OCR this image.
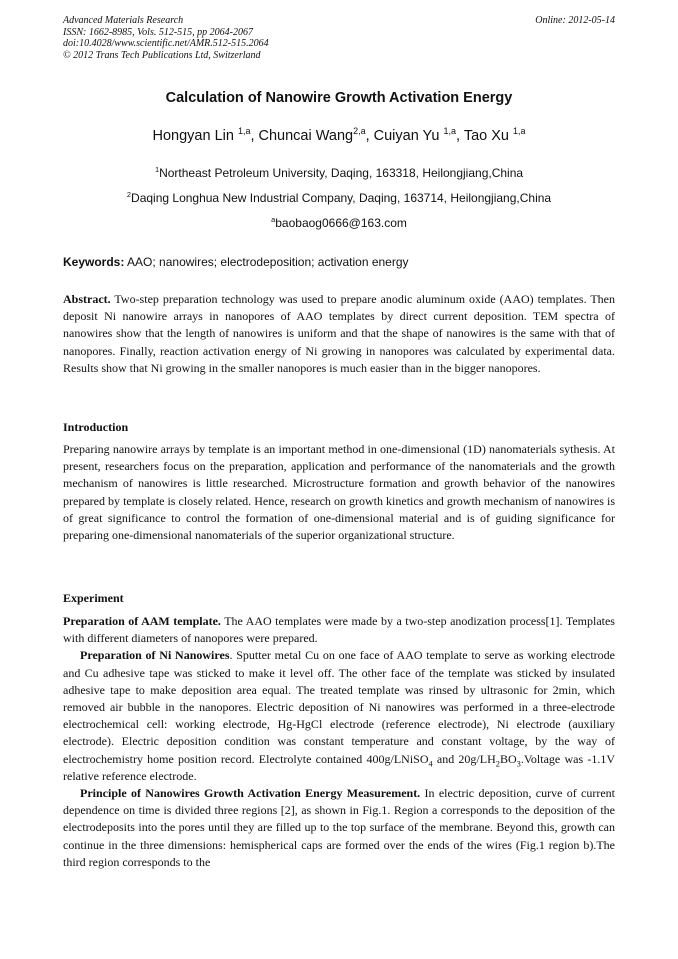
Advanced Materials Research
ISSN: 1662-8985, Vols. 512-515, pp 2064-2067
doi:10.4028/www.scientific.net/AMR.512-515.2064
© 2012 Trans Tech Publications Ltd, Switzerland
Online: 2012-05-14
Calculation of Nanowire Growth Activation Energy
Hongyan Lin $^{1,a}$, Chuncai Wang$^{2,a}$, Cuiyan Yu $^{1,a}$, Tao Xu $^{1,a}$
$^1$Northeast Petroleum University, Daqing, 163318, Heilongjiang,China
$^2$Daqing Longhua New Industrial Company, Daqing, 163714, Heilongjiang,China
$^a$baobaog0666@163.com
Keywords: AAO; nanowires; electrodeposition; activation energy
Abstract. Two-step preparation technology was used to prepare anodic aluminum oxide (AAO) templates. Then deposit Ni nanowire arrays in nanopores of AAO templates by direct current deposition. TEM spectra of nanowires show that the length of nanowires is uniform and that the shape of nanowires is the same with that of nanopores. Finally, reaction activation energy of Ni growing in nanopores was calculated by experimental data. Results show that Ni growing in the smaller nanopores is much easier than in the bigger nanopores.
Introduction
Preparing nanowire arrays by template is an important method in one-dimensional (1D) nanomaterials sythesis. At present, researchers focus on the preparation, application and performance of the nanomaterials and the growth mechanism of nanowires is little researched. Microstructure formation and growth behavior of the nanowires prepared by template is closely related. Hence, research on growth kinetics and growth mechanism of nanowires is of great significance to control the formation of one-dimensional material and is of guiding significance for preparing one-dimensional nanomaterials of the superior organizational structure.
Experiment

Preparation of AAM template. The AAO templates were made by a two-step anodization process[1]. Templates with different diameters of nanopores were prepared.

Preparation of Ni Nanowires. Sputter metal Cu on one face of AAO template to serve as working electrode and Cu adhesive tape was sticked to make it level off. The other face of the template was sticked by insulated adhesive tape to make deposition area equal. The treated template was rinsed by ultrasonic for 2min, which removed air bubble in the nanopores. Electric deposition of Ni nanowires was performed in a three-electrode electrochemical cell: working electrode, Hg-HgCl electrode (reference electrode), Ni electrode (auxiliary electrode). Electric deposition condition was constant temperature and constant voltage, by the way of electrochemistry home position record. Electrolyte contained 400g/LNiSO$_4$ and $20g/LH_2BO_3.Voltage$ was -1.1V relative reference electrode.

Principle of Nanowires Growth Activation Energy Measurement. In electric deposition, curve of current dependence on time is divided three regions [2], as shown in Fig.1. Region a corresponds to the deposition of the electrodeposits into the pores until they are filled up to the top surface of the membrane. Beyond this, growth can continue in the three dimensions: hemispherical caps are formed over the ends of the wires (Fig.1 region b).The third region corresponds to the
